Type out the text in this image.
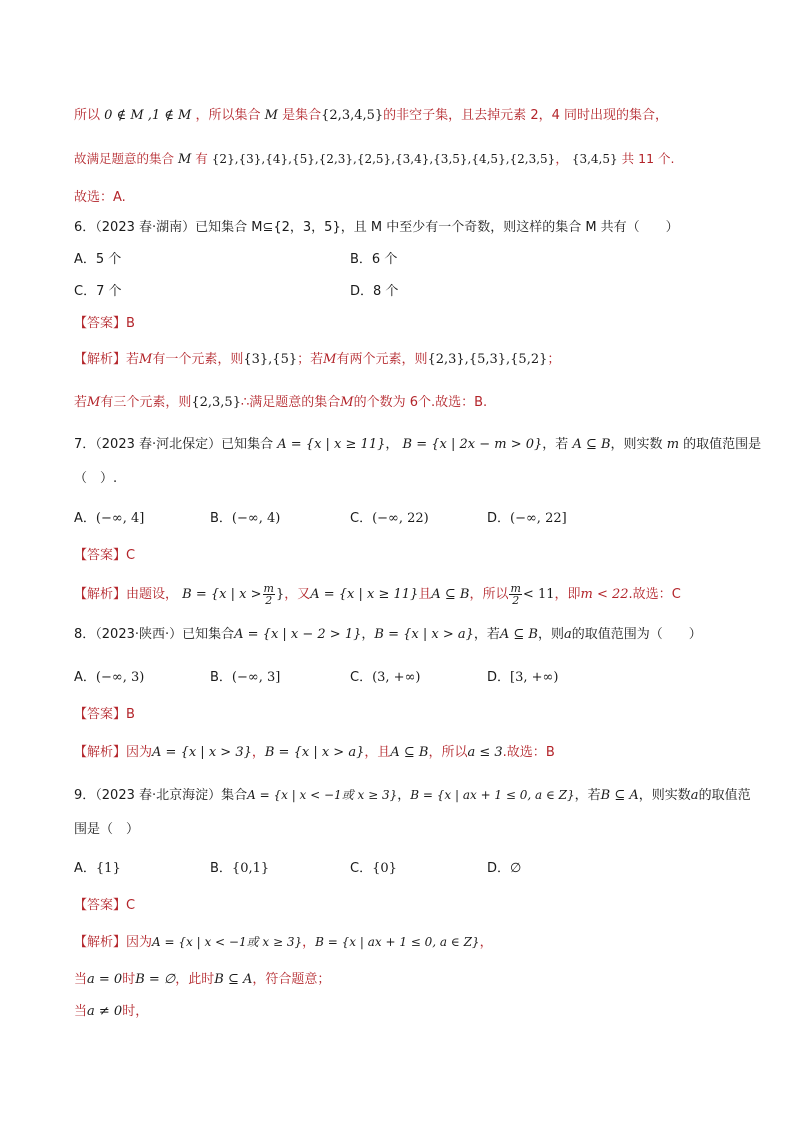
所以 0 ∉ M ,1 ∉ M ，所以集合 M 是集合{2,3,4,5}的非空子集，且去掉元素 2，4 同时出现的集合，
故满足题意的集合 M 有 {2},{3},{4},{5},{2,3},{2,5},{3,4},{3,5},{4,5},{2,3,5}， {3,4,5} 共 11 个.
故选：A.
6．（2023 春·湖南）已知集合 M⊆{2，3，5}，且 M 中至少有一个奇数，则这样的集合 M 共有（　　）
A．5 个	B．6 个
C．7 个	D．8 个
【答案】B
【解析】若M有一个元素，则{3},{5}；若M有两个元素，则{2,3},{5,3},{5,2}；
若M有三个元素，则{2,3,5}∴满足题意的集合M的个数为 6个.故选：B.
7．（2023 春·河北保定）已知集合 A = {x | x ≥ 11}， B = {x | 2x − m > 0}，若 A ⊆ B，则实数 m 的取值范围是
（　）.
A．(−∞, 4]	B．(−∞, 4)	C．(−∞, 22)	D．(−∞, 22]
【答案】C
【解析】由题设， B = {x | $x > \frac{m}{2}$ }，又A = {x | x ≥ 11}且A ⊆ B，所以 $\frac{m}{2} < 11$，即m < 22.故选：C
8．（2023·陕西·）已知集合A = {x | x − 2 > 1}，B = {x | x > a}，若A ⊆ B，则a的取值范围为（　　）
A．(−∞, 3)	B．(−∞, 3]	C．(3, +∞)	D．[3, +∞)
【答案】B
【解析】因为A = {x | x > 3}，B = {x | x > a}，且A ⊆ B，所以a ≤ 3.故选：B
9．（2023 春·北京海淀）集合A = {x | x < −1或 x ≥ 3}，B = {x | ax + 1 ≤ 0, a ∈ Z}，若B ⊆ A，则实数a的取值范
围是（　）
A．{1}	B．{0,1}	C．{0}	D．∅
【答案】C
【解析】因为A = {x | x < −1或 x ≥ 3}，B = {x | ax + 1 ≤ 0, a ∈ Z}，
当a = 0时B = ∅，此时B ⊆ A，符合题意；
当a ≠ 0时，
